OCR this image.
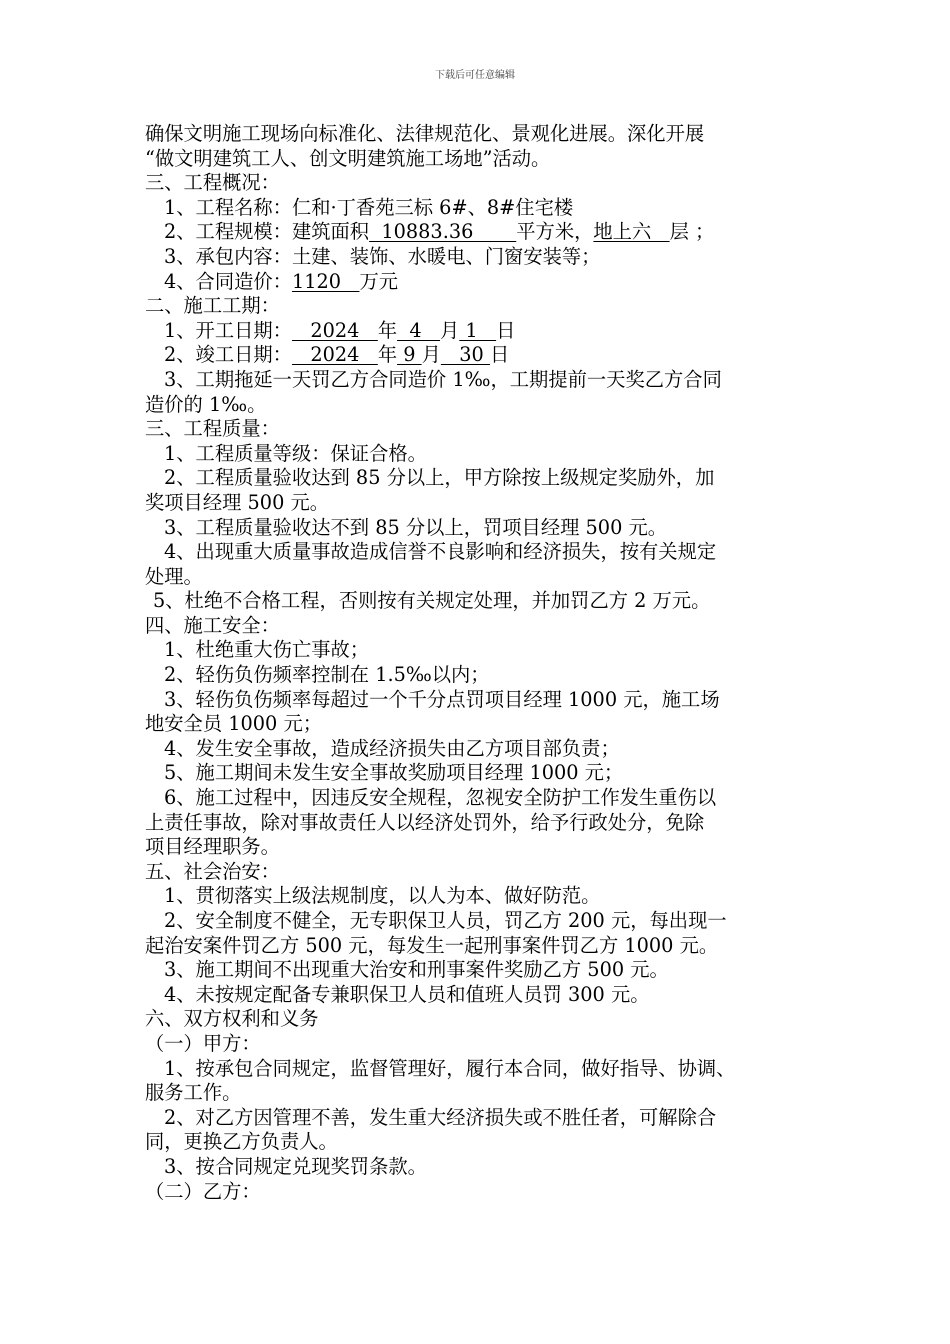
下载后可任意编辑
确保文明施工现场向标准化、法律规范化、景观化进展。深化开展
“做文明建筑工人、创文明建筑施工场地”活动。
三、工程概况：
1、工程名称：仁和·丁香苑三标 6#、8#住宅楼
2、工程规模：建筑面积  10883.36       平方米，地上六   层 ；
3、承包内容：土建、装饰、水暖电、门窗安装等；
4、合同造价：1120   万元
二、施工工期：
1、开工日期：   2024   年  4   月 1   日
2、竣工日期：   2024   年 9 月   30 日
3、工期拖延一天罚乙方合同造价 1‰，工期提前一天奖乙方合同
造价的 1‰。
三、工程质量：
1、工程质量等级：保证合格。
2、工程质量验收达到 85 分以上，甲方除按上级规定奖励外，加
奖项目经理 500 元。
3、工程质量验收达不到 85 分以上，罚项目经理 500 元。
4、出现重大质量事故造成信誉不良影响和经济损失，按有关规定
处理。
5、杜绝不合格工程，否则按有关规定处理，并加罚乙方 2 万元。
四、施工安全：
1、杜绝重大伤亡事故；
2、轻伤负伤频率控制在 1.5‰以内；
3、轻伤负伤频率每超过一个千分点罚项目经理 1000 元，施工场
地安全员 1000 元；
4、发生安全事故，造成经济损失由乙方项目部负责；
5、施工期间未发生安全事故奖励项目经理 1000 元；
6、施工过程中，因违反安全规程，忽视安全防护工作发生重伤以
上责任事故，除对事故责任人以经济处罚外，给予行政处分，免除
项目经理职务。
五、社会治安：
1、贯彻落实上级法规制度，以人为本、做好防范。
2、安全制度不健全，无专职保卫人员，罚乙方 200 元，每出现一
起治安案件罚乙方 500 元，每发生一起刑事案件罚乙方 1000 元。
3、施工期间不出现重大治安和刑事案件奖励乙方 500 元。
4、未按规定配备专兼职保卫人员和值班人员罚 300 元。
六、双方权利和义务
（一）甲方：
1、按承包合同规定，监督管理好，履行本合同，做好指导、协调、
服务工作。
2、对乙方因管理不善，发生重大经济损失或不胜任者，可解除合
同，更换乙方负责人。
3、按合同规定兑现奖罚条款。
（二）乙方：
